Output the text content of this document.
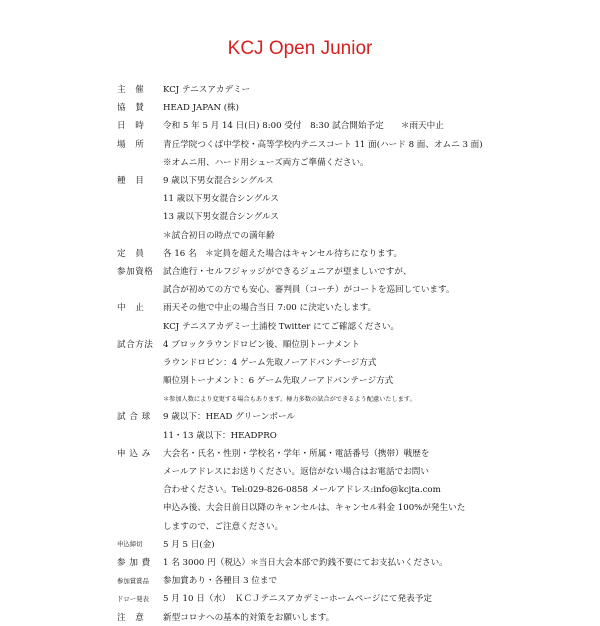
KCJ Open Junior
主　催	KCJ テニスアカデミー
協　賛	HEAD JAPAN (株)
日　時	令和 5 年 5 月 14 日(日) 8:00 受付　8:30 試合開始予定　　＊雨天中止
場　所	青丘学院つくば中学校・高等学校内テニスコート 11 面(ハード 8 面、オムニ 3 面)
※オムニ用、ハード用シューズ両方ご準備ください。
種　目	9 歳以下男女混合シングルス
11 歳以下男女混合シングルス
13 歳以下男女混合シングルス
＊試合初日の時点での満年齢
定　員	各 16 名　＊定員を超えた場合はキャンセル待ちになります。
参加資格	試合進行・セルフジャッジができるジュニアが望ましいですが、
試合が初めての方でも安心、審判員（コーチ）がコートを巡回しています。
中　止	雨天その他で中止の場合当日 7:00 に決定いたします。
KCJ テニスアカデミー土浦校 Twitter にてご確認ください。
試合方法	4 ブロックラウンドロビン後、順位別トーナメント
ラウンドロビン：4 ゲーム先取ノーアドバンテージ方式
順位別トーナメント：6 ゲーム先取ノーアドバンテージ方式
＊参加人数により変更する場合もあります。極力多数の試合ができるよう配慮いたします。
試 合 球	9 歳以下：HEAD グリーンボール
11・13 歳以下：HEADPRO
申 込 み	大会名・氏名・性別・学校名・学年・所属・電話番号（携帯）戦歴を
メールアドレスにお送りください。返信がない場合はお電話でお問い
合わせください。Tel:029-826-0858 メールアドレス:info@kcjta.com
申込み後、大会日前日以降のキャンセルは、キャンセル料金 100%が発生いた
しますので、ご注意ください。
申込締切	5 月 5 日(金)
参 加 費	1 名 3000 円（税込）＊当日大会本部で釣銭不要にてお支払いください。
参加賞賞品	参加賞あり・各種目 3 位まで
ドロー発表	5 月 10 日（水）　ＫＣＪテニスアカデミーホームページにて発表予定
注　意	新型コロナへの基本的対策をお願いします。
